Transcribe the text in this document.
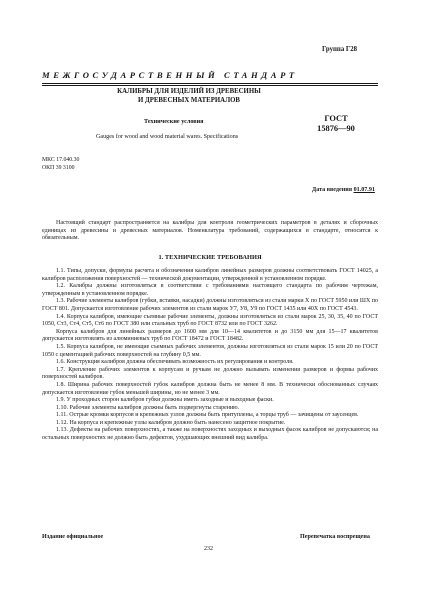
Группа Г28
МЕЖГОСУДАРСТВЕННЫЙ СТАНДАРТ
КАЛИБРЫ ДЛЯ ИЗДЕЛИЙ ИЗ ДРЕВЕСИНЫ
И ДРЕВЕСНЫХ МАТЕРИАЛОВ
Технические условия
Gauges for wood and wood material wares. Specifications
ГОСТ
15876—90
МКС 17.040.30
ОКП 39 3100
Дата введения 01.07.91

Настоящий стандарт распространяется на калибры для контроля геометрических параметров в деталях и сборочных единицах из древесины и древесных материалов. Номенклатура требований, содержащихся в стандарте, относится к обязательным.

1. ТЕХНИЧЕСКИЕ ТРЕБОВАНИЯ

1.1. Типы, допуски, формулы расчета и обозначения калибров линейных размеров должны соответствовать ГОСТ 14025, а калибров расположения поверхностей — технической документации, утвержденной в установленном порядке.

1.2. Калибры должны изготовляться в соответствии с требованиями настоящего стандарта по рабочим чертежам, утвержденным в установленном порядке.

1.3. Рабочие элементы калибров (губки, вставки, насадки) должны изготовляться из стали марки Х по ГОСТ 5950 или ШХ по ГОСТ 801. Допускается изготовление рабочих элементов из стали марок У7, У8, У9 по ГОСТ 1435 или 40Х по ГОСТ 4543.

1.4. Корпуса калибров, имеющие съемные рабочие элементы, должны изготовляться из стали марок 25, 30, 35, 40 по ГОСТ 1050, Ст3, Ст4, Ст5, Ст6 по ГОСТ 380 или стальных труб по ГОСТ 8732 или по ГОСТ 3262.

Корпуса калибров для линейных размеров до 1600 мм для 10—14 квалитетов и до 3150 мм для 15—17 квалитетов допускается изготовлять из алюминиевых труб по ГОСТ 18472 и ГОСТ 18482.

1.5. Корпуса калибров, не имеющие съемных рабочих элементов, должны изготовляться из стали марок 15 или 20 по ГОСТ 1050 с цементацией рабочих поверхностей на глубину 0,5 мм.

1.6. Конструкция калибров должна обеспечивать возможность их регулирования и контроля.

1.7. Крепление рабочих элементов к корпусам и ручкам не должно вызывать изменения размеров и формы рабочих поверхностей калибров.

1.8. Ширина рабочих поверхностей губок калибров должна быть не менее 8 мм. В технически обоснованных случаях допускается изготовление губок меньшей ширины, но не менее 3 мм.

1.9. У проходных сторон калибров губки должны иметь заходные и выходные фаски.

1.10. Рабочие элементы калибров должны быть подвергнуты старению.

1.11. Острые кромки корпусов и крепежных узлов должны быть притуплены, а торцы труб — зачищены от заусенцев.

1.12. На корпуса и крепежные узлы калибров должно быть нанесено защитное покрытие.

1.13. Дефекты на рабочих поверхностях, а также на поверхностях заходных и выходных фасок калибров не допускаются; на остальных поверхностях не должно быть дефектов, ухудшающих внешний вид калибра.

Издание официальное	Перепечатка воспрещена
232
